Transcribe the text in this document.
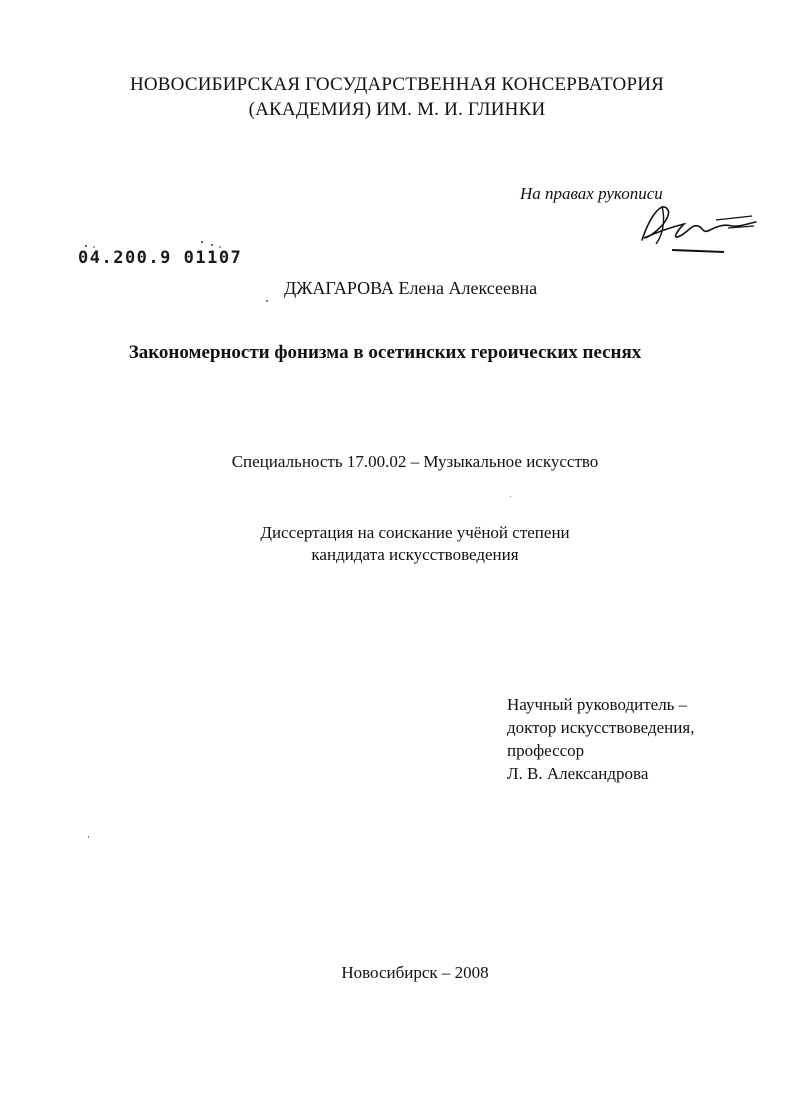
НОВОСИБИРСКАЯ ГОСУДАРСТВЕННАЯ КОНСЕРВАТОРИЯ
(АКАДЕМИЯ) ИМ. М. И. ГЛИНКИ
На правах рукописи
04.200.9 01107
ДЖАГАРОВА Елена Алексеевна
Закономерности фонизма в осетинских героических песнях
Специальность 17.00.02 – Музыкальное искусство
Диссертация на соискание учёной степени
кандидата искусствоведения
Научный руководитель –
доктор искусствоведения,
профессор
Л. В. Александрова
Новосибирск – 2008
